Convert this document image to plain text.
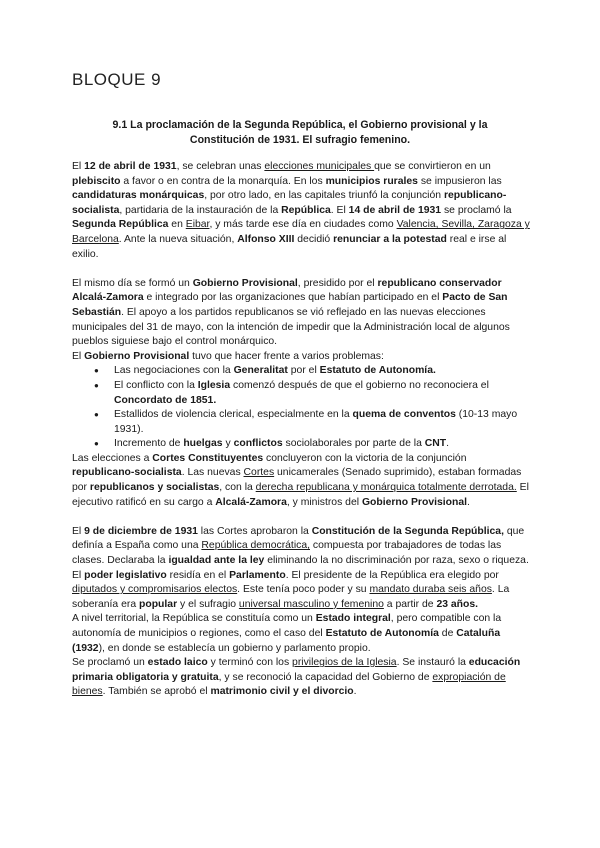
BLOQUE 9

9.1 La proclamación de la Segunda República, el Gobierno provisional y la Constitución de 1931. El sufragio femenino.

El 12 de abril de 1931, se celebran unas elecciones municipales que se convirtieron en un plebiscito a favor o en contra de la monarquía. En los municipios rurales se impusieron las candidaturas monárquicas, por otro lado, en las capitales triunfó la conjunción republicano-socialista, partidaria de la instauración de la República. El 14 de abril de 1931 se proclamó la Segunda República en Eibar, y más tarde ese día en ciudades como Valencia, Sevilla, Zaragoza y Barcelona. Ante la nueva situación, Alfonso XIII decidió renunciar a la potestad real e irse al exilio.

El mismo día se formó un Gobierno Provisional, presidido por el republicano conservador Alcalá-Zamora e integrado por las organizaciones que habían participado en el Pacto de San Sebastián. El apoyo a los partidos republicanos se vió reflejado en las nuevas elecciones municipales del 31 de mayo, con la intención de impedir que la Administración local de algunos pueblos siguiese bajo el control monárquico.

El Gobierno Provisional tuvo que hacer frente a varios problemas:

● Las negociaciones con la Generalitat por el Estatuto de Autonomía.
● El conflicto con la Iglesia comenzó después de que el gobierno no reconociera el Concordato de 1851.
● Estallidos de violencia clerical, especialmente en la quema de conventos (10-13 mayo 1931).
● Incremento de huelgas y conflictos sociolaborales por parte de la CNT.

Las elecciones a Cortes Constituyentes concluyeron con la victoria de la conjunción republicano-socialista. Las nuevas Cortes unicamerales (Senado suprimido), estaban formadas por republicanos y socialistas, con la derecha republicana y monárquica totalmente derrotada. El ejecutivo ratificó en su cargo a Alcalá-Zamora, y ministros del Gobierno Provisional.

El 9 de diciembre de 1931 las Cortes aprobaron la Constitución de la Segunda República, que definía a España como una República democrática, compuesta por trabajadores de todas las clases. Declaraba la igualdad ante la ley eliminando la no discriminación por raza, sexo o riqueza.

El poder legislativo residía en el Parlamento. El presidente de la República era elegido por diputados y compromisarios electos. Este tenía poco poder y su mandato duraba seis años. La soberanía era popular y el sufragio universal masculino y femenino a partir de 23 años.

A nivel territorial, la República se constituía como un Estado integral, pero compatible con la autonomía de municipios o regiones, como el caso del Estatuto de Autonomía de Cataluña (1932), en donde se establecía un gobierno y parlamento propio.

Se proclamó un estado laico y terminó con los privilegios de la Iglesia. Se instauró la educación primaria obligatoria y gratuita, y se reconoció la capacidad del Gobierno de expropiación de bienes. También se aprobó el matrimonio civil y el divorcio.
